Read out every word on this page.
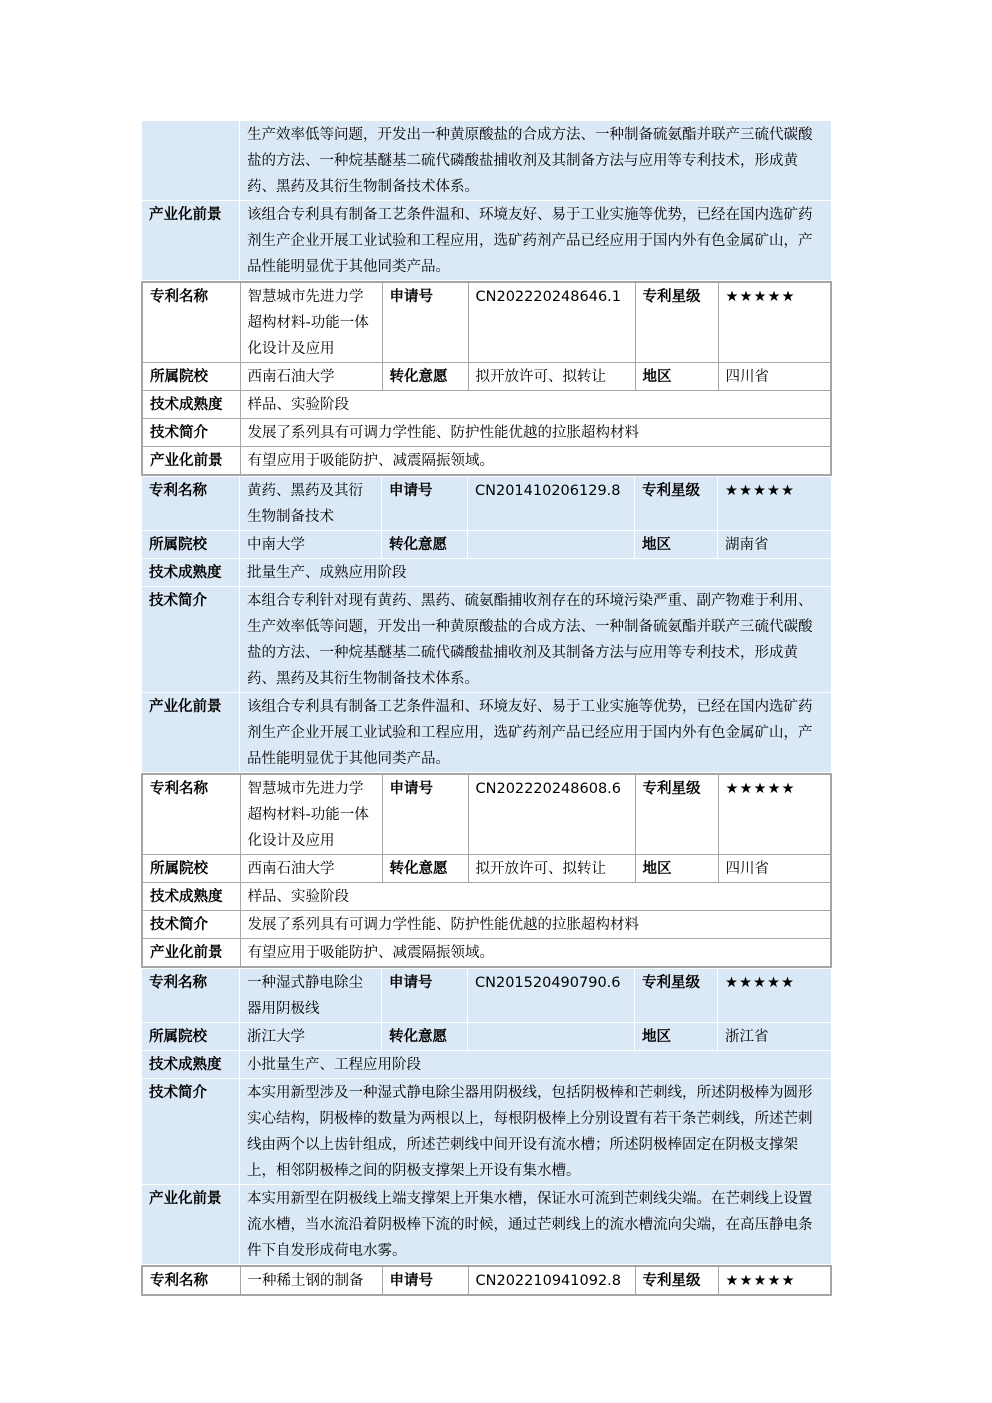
	生产效率低等问题，开发出一种黄原酸盐的合成方法、一种制备硫氨酯并联产三硫代碳酸盐的方法、一种烷基醚基二硫代磷酸盐捕收剂及其制备方法与应用等专利技术，形成黄药、黑药及其衍生物制备技术体系。
产业化前景	该组合专利具有制备工艺条件温和、环境友好、易于工业实施等优势，已经在国内选矿药剂生产企业开展工业试验和工程应用，选矿药剂产品已经应用于国内外有色金属矿山，产品性能明显优于其他同类产品。
专利名称	智慧城市先进力学超构材料-功能一体化设计及应用	申请号	CN202220248646.1	专利星级	★★★★★
所属院校	西南石油大学	转化意愿	拟开放许可、拟转让	地区	四川省
技术成熟度	样品、实验阶段				
技术简介	发展了系列具有可调力学性能、防护性能优越的拉胀超构材料				
产业化前景	有望应用于吸能防护、减震隔振领域。				
专利名称	黄药、黑药及其衍生物制备技术	申请号	CN201410206129.8	专利星级	★★★★★
所属院校	中南大学	转化意愿		地区	湖南省
技术成熟度	批量生产、成熟应用阶段				
技术简介	本组合专利针对现有黄药、黑药、硫氨酯捕收剂存在的环境污染严重、副产物难于利用、生产效率低等问题，开发出一种黄原酸盐的合成方法、一种制备硫氨酯并联产三硫代碳酸盐的方法、一种烷基醚基二硫代磷酸盐捕收剂及其制备方法与应用等专利技术，形成黄药、黑药及其衍生物制备技术体系。				
产业化前景	该组合专利具有制备工艺条件温和、环境友好、易于工业实施等优势，已经在国内选矿药剂生产企业开展工业试验和工程应用，选矿药剂产品已经应用于国内外有色金属矿山，产品性能明显优于其他同类产品。				
专利名称	智慧城市先进力学超构材料-功能一体化设计及应用	申请号	CN202220248608.6	专利星级	★★★★★
所属院校	西南石油大学	转化意愿	拟开放许可、拟转让	地区	四川省
技术成熟度	样品、实验阶段				
技术简介	发展了系列具有可调力学性能、防护性能优越的拉胀超构材料				
产业化前景	有望应用于吸能防护、减震隔振领域。				
专利名称	一种湿式静电除尘器用阴极线	申请号	CN201520490790.6	专利星级	★★★★★
所属院校	浙江大学	转化意愿		地区	浙江省
技术成熟度	小批量生产、工程应用阶段				
技术简介	本实用新型涉及一种湿式静电除尘器用阴极线，包括阴极棒和芒刺线，所述阴极棒为圆形实心结构，阴极棒的数量为两根以上，每根阴极棒上分别设置有若干条芒刺线，所述芒刺线由两个以上齿针组成，所述芒刺线中间开设有流水槽；所述阴极棒固定在阴极支撑架上，相邻阴极棒之间的阴极支撑架上开设有集水槽。				
产业化前景	本实用新型在阴极线上端支撑架上开集水槽，保证水可流到芒刺线尖端。在芒刺线上设置流水槽，当水流沿着阴极棒下流的时候，通过芒刺线上的流水槽流向尖端，在高压静电条件下自发形成荷电水雾。				
专利名称	一种稀土钢的制备	申请号	CN202210941092.8	专利星级	★★★★★
